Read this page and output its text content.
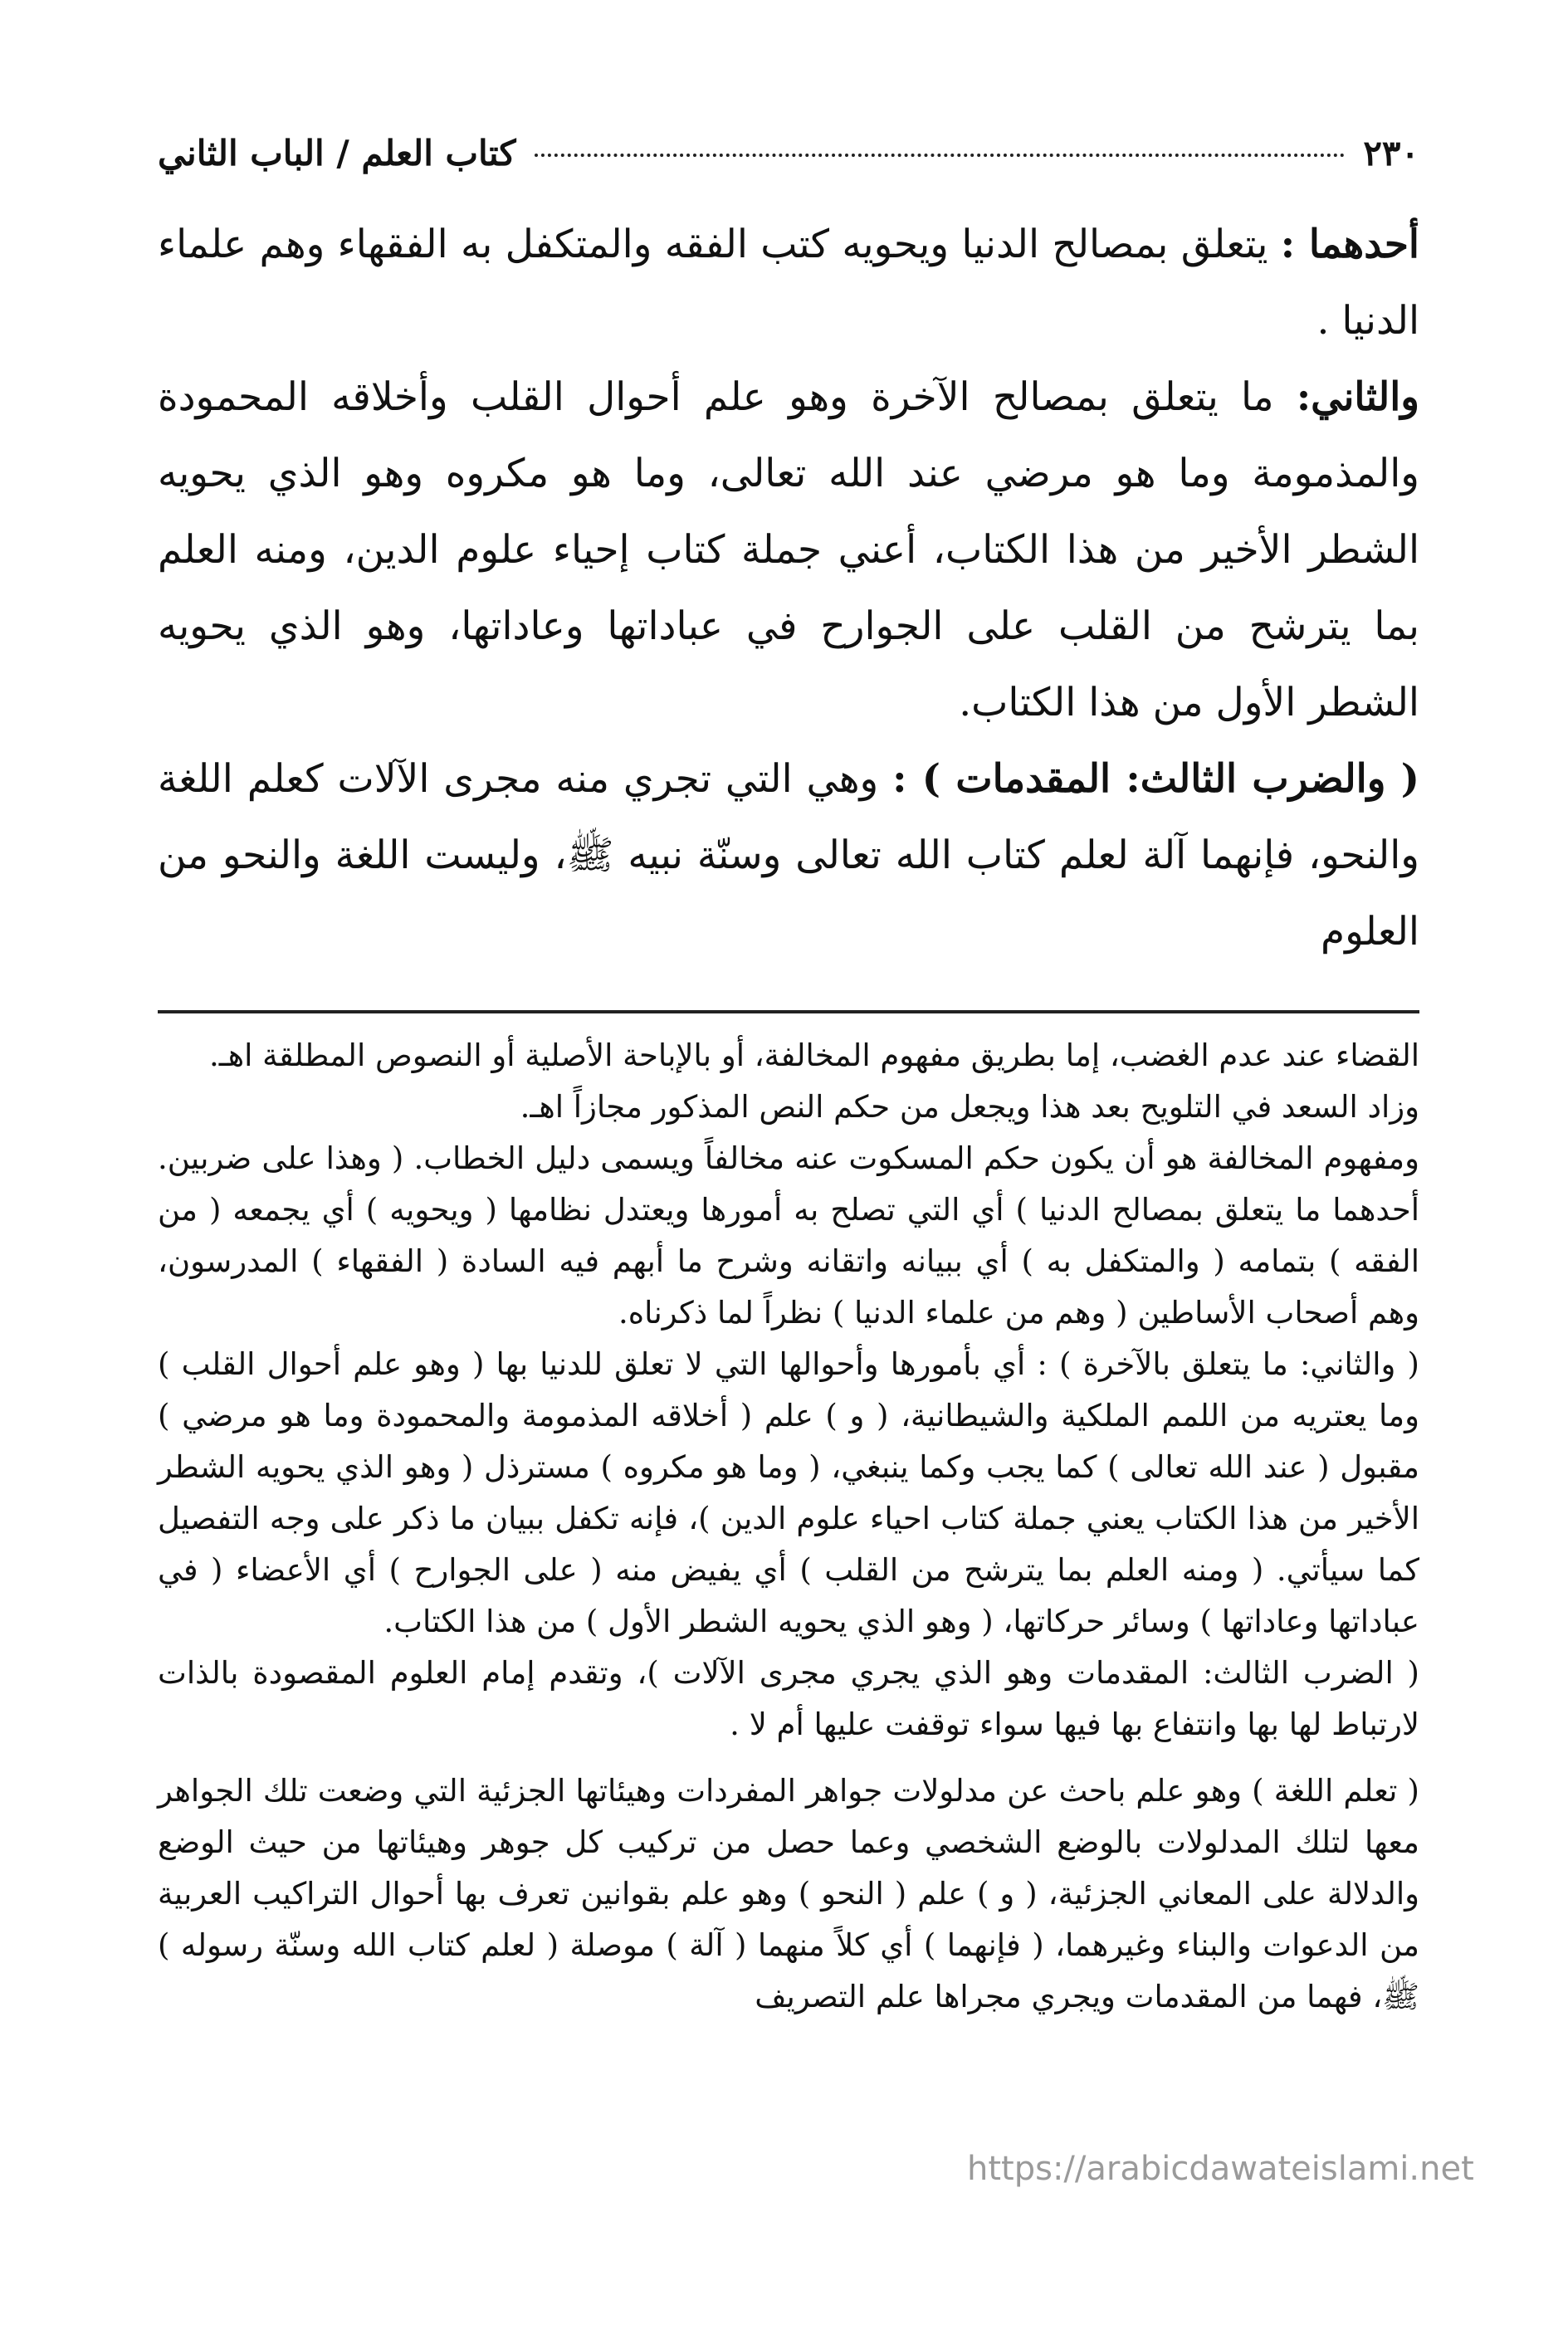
٢٣٠
كتاب العلم / الباب الثاني

أحدهما : يتعلق بمصالح الدنيا ويحويه كتب الفقه والمتكفل به الفقهاء وهم علماء الدنيا .

والثاني: ما يتعلق بمصالح الآخرة وهو علم أحوال القلب وأخلاقه المحمودة والمذمومة وما هو مرضي عند الله تعالى، وما هو مكروه وهو الذي يحويه الشطر الأخير من هذا الكتاب، أعني جملة كتاب إحياء علوم الدين، ومنه العلم بما يترشح من القلب على الجوارح في عباداتها وعاداتها، وهو الذي يحويه الشطر الأول من هذا الكتاب.

( والضرب الثالث: المقدمات ) : وهي التي تجري منه مجرى الآلات كعلم اللغة والنحو، فإنهما آلة لعلم كتاب الله تعالى وسنّة نبيه ﷺ، وليست اللغة والنحو من العلوم

القضاء عند عدم الغضب، إما بطريق مفهوم المخالفة، أو بالإباحة الأصلية أو النصوص المطلقة اهـ.

وزاد السعد في التلويح بعد هذا ويجعل من حكم النص المذكور مجازاً اهـ.

ومفهوم المخالفة هو أن يكون حكم المسكوت عنه مخالفاً ويسمى دليل الخطاب. ( وهذا على ضربين. أحدهما ما يتعلق بمصالح الدنيا ) أي التي تصلح به أمورها ويعتدل نظامها ( ويحويه ) أي يجمعه ( من الفقه ) بتمامه ( والمتكفل به ) أي ببيانه واتقانه وشرح ما أبهم فيه السادة ( الفقهاء ) المدرسون، وهم أصحاب الأساطين ( وهم من علماء الدنيا ) نظراً لما ذكرناه.

( والثاني: ما يتعلق بالآخرة ) : أي بأمورها وأحوالها التي لا تعلق للدنيا بها ( وهو علم أحوال القلب ) وما يعتريه من اللمم الملكية والشيطانية، ( و ) علم ( أخلاقه المذمومة والمحمودة وما هو مرضي ) مقبول ( عند الله تعالى ) كما يجب وكما ينبغي، ( وما هو مكروه ) مسترذل ( وهو الذي يحويه الشطر الأخير من هذا الكتاب يعني جملة كتاب احياء علوم الدين )، فإنه تكفل ببيان ما ذكر على وجه التفصيل كما سيأتي. ( ومنه العلم بما يترشح من القلب ) أي يفيض منه ( على الجوارح ) أي الأعضاء ( في عباداتها وعاداتها ) وسائر حركاتها، ( وهو الذي يحويه الشطر الأول ) من هذا الكتاب.

( الضرب الثالث: المقدمات وهو الذي يجري مجرى الآلات )، وتقدم إمام العلوم المقصودة بالذات لارتباط لها بها وانتفاع بها فيها سواء توقفت عليها أم لا .

( تعلم اللغة ) وهو علم باحث عن مدلولات جواهر المفردات وهيئاتها الجزئية التي وضعت تلك الجواهر معها لتلك المدلولات بالوضع الشخصي وعما حصل من تركيب كل جوهر وهيئاتها من حيث الوضع والدلالة على المعاني الجزئية، ( و ) علم ( النحو ) وهو علم بقوانين تعرف بها أحوال التراكيب العربية من الدعوات والبناء وغيرهما، ( فإنهما ) أي كلاً منهما ( آلة ) موصلة ( لعلم كتاب الله وسنّة رسوله ) ﷺ، فهما من المقدمات ويجري مجراها علم التصريف

https://arabicdawateislami.net
